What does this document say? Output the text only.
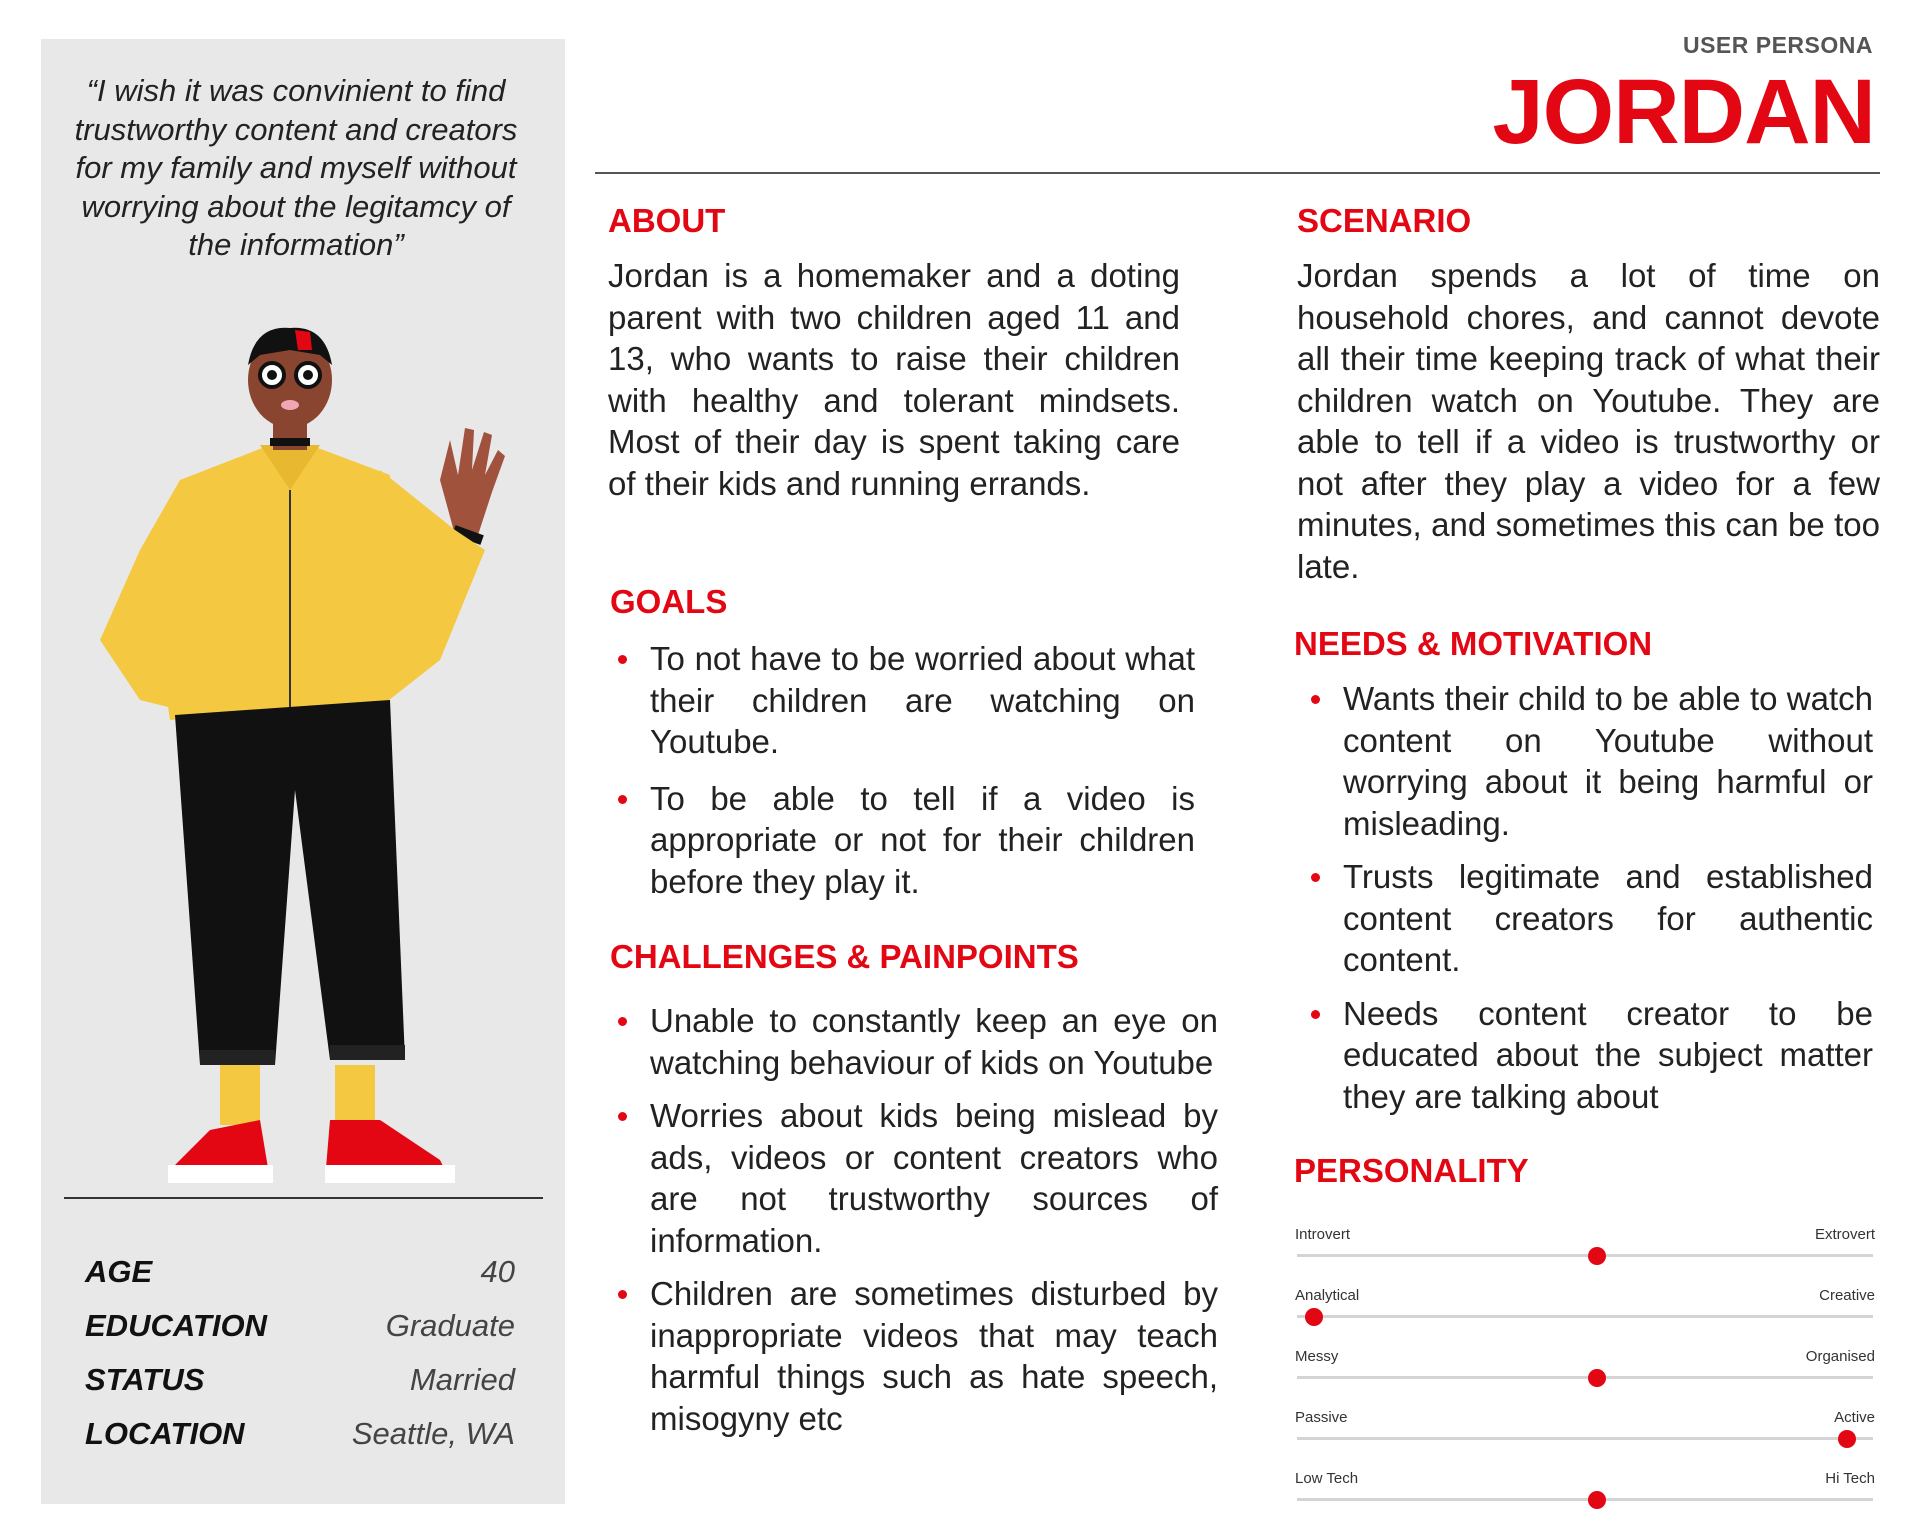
“I wish it was convinient to find trustworthy content and creators for my family and myself without worrying about the legitamcy of the information”

AGE	40
EDUCATION	Graduate
STATUS	Married
LOCATION	Seattle, WA
USER PERSONA
JORDAN
ABOUT

Jordan is a homemaker and a doting parent with two children aged 11 and 13, who wants to raise their children with healthy and tolerant mindsets. Most of their day is spent taking care of their kids and running errands.

GOALS
To not have to be worried about what their children are watching on Youtube.
To be able to tell if a video is appropriate or not for their children before they play it.
CHALLENGES & PAINPOINTS
Unable to constantly keep an eye on watching behaviour of kids on Youtube
Worries about kids being mislead by ads, videos or content creators who are not trustworthy sources of information.
Children are sometimes disturbed by inappropriate videos that may teach harmful things such as hate speech, misogyny etc
SCENARIO

Jordan spends a lot of time on household chores, and cannot devote all their time keeping track of what their children watch on Youtube. They are able to tell if a video is trustworthy or not after they play a video for a few minutes, and sometimes this can be too late.

NEEDS & MOTIVATION
Wants their child to be able to watch content on Youtube without worrying about it being harmful or misleading.
Trusts legitimate and established content creators for authentic content.
Needs content creator to be educated about the subject matter they are talking about
PERSONALITY
Introvert	Extrovert
Analytical	Creative
Messy	Organised
Passive	Active
Low Tech	Hi Tech
